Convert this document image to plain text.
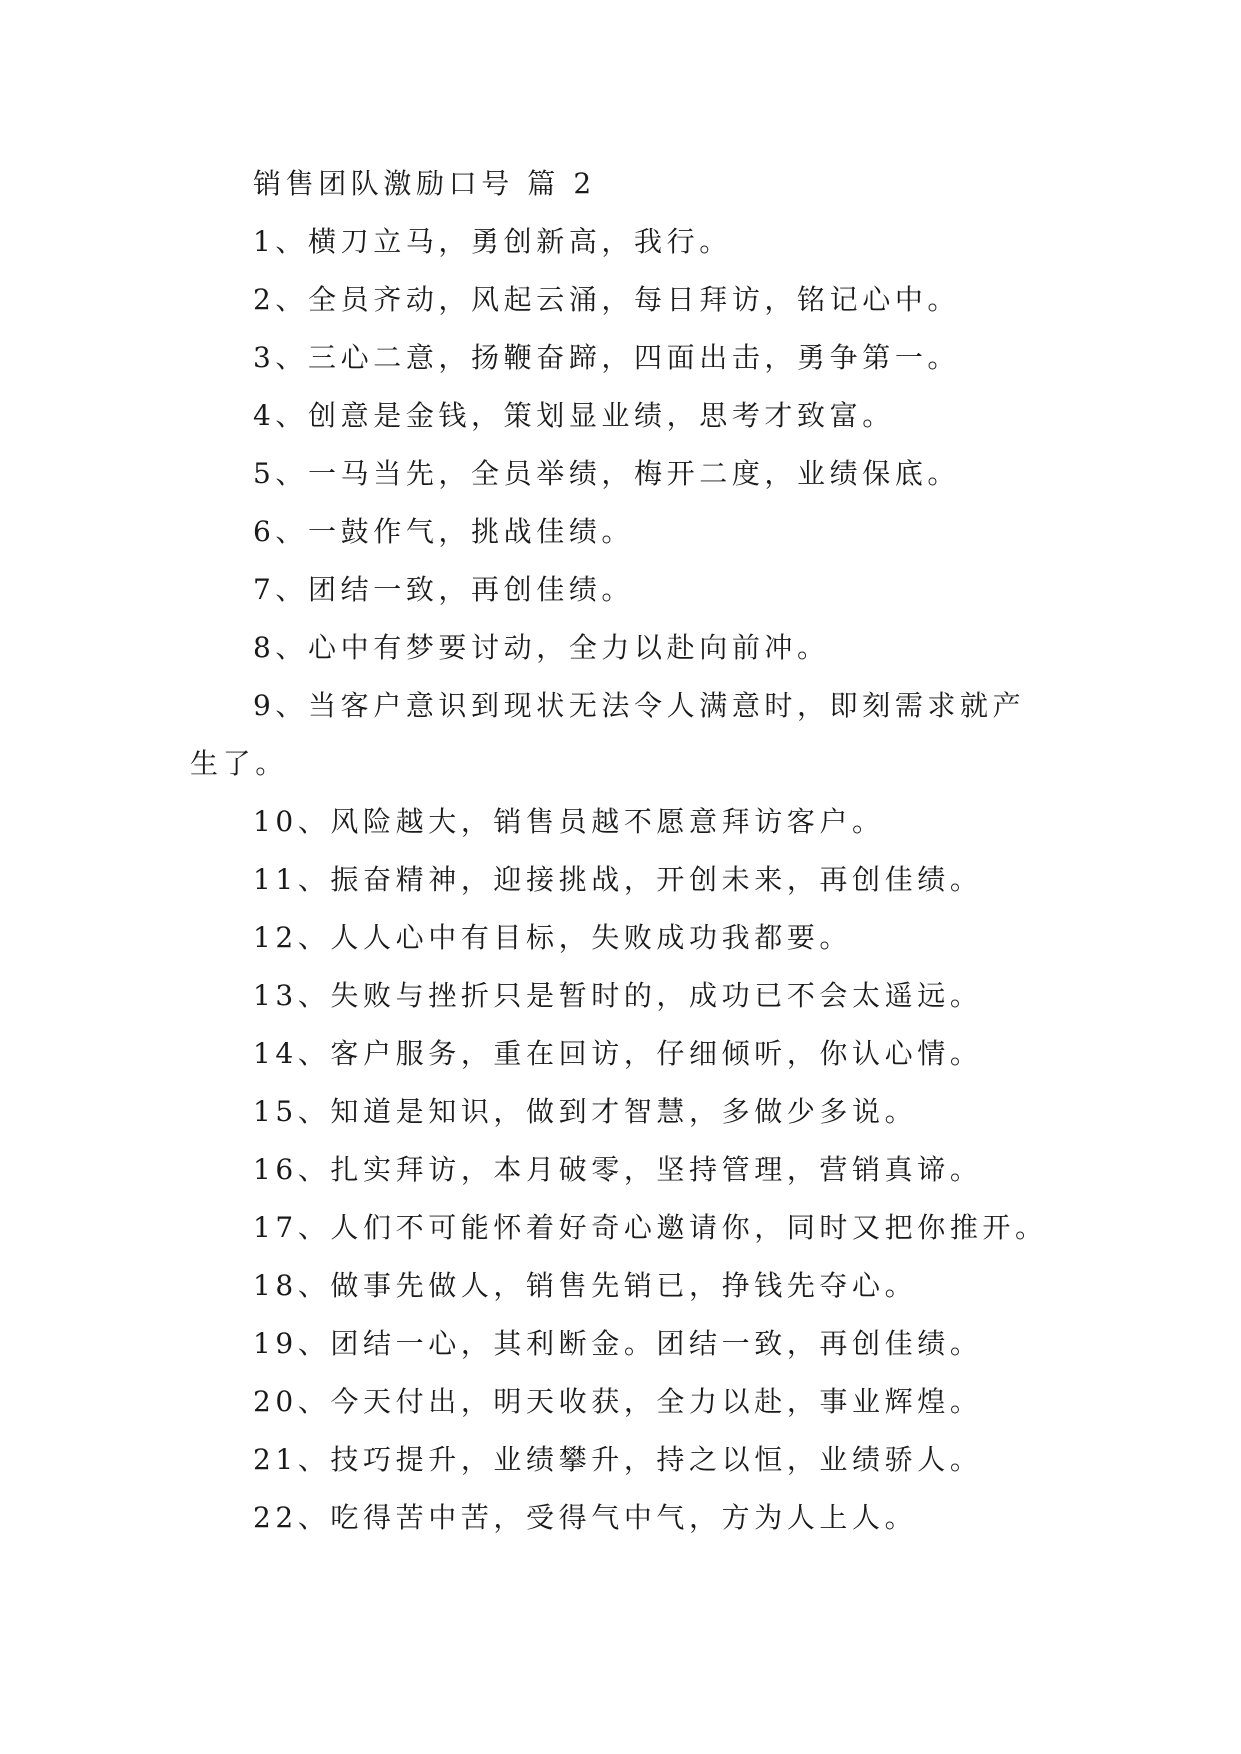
销售团队激励口号 篇 2
1、横刀立马，勇创新高，我行。
2、全员齐动，风起云涌，每日拜访，铭记心中。
3、三心二意，扬鞭奋蹄，四面出击，勇争第一。
4、创意是金钱，策划显业绩，思考才致富。
5、一马当先，全员举绩，梅开二度，业绩保底。
6、一鼓作气，挑战佳绩。
7、团结一致，再创佳绩。
8、心中有梦要讨动，全力以赴向前冲。
9、当客户意识到现状无法令人满意时，即刻需求就产
生了。
10、风险越大，销售员越不愿意拜访客户。
11、振奋精神，迎接挑战，开创未来，再创佳绩。
12、人人心中有目标，失败成功我都要。
13、失败与挫折只是暂时的，成功已不会太遥远。
14、客户服务，重在回访，仔细倾听，你认心情。
15、知道是知识，做到才智慧，多做少多说。
16、扎实拜访，本月破零，坚持管理，营销真谛。
17、人们不可能怀着好奇心邀请你，同时又把你推开。
18、做事先做人，销售先销已，挣钱先夺心。
19、团结一心，其利断金。团结一致，再创佳绩。
20、今天付出，明天收获，全力以赴，事业辉煌。
21、技巧提升，业绩攀升，持之以恒，业绩骄人。
22、吃得苦中苦，受得气中气，方为人上人。
